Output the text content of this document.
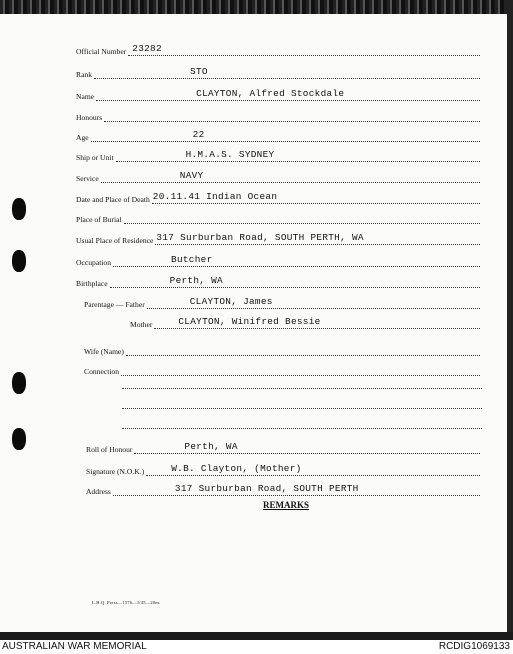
Official Number 23282
Rank	STO
Name	CLAYTON, Alfred Stockdale
Honours
Age	22
Ship or Unit	H.M.A.S. SYDNEY
Service	NAVY
Date and Place of Death 20.11.41 Indian Ocean
Place of Burial
Usual Place of Residence 317 Surburban Road, SOUTH PERTH, WA
Occupation	Butcher
Birthplace	Perth, WA
Parentage — Father	CLAYTON, James
Mother	CLAYTON, Winifred Bessie
Wife (Name)
Connection
Roll of Honour	Perth, WA
Signature (N.O.K.)	W.B. Clayton, (Mother)
Address	317 Surburban Road, SOUTH PERTH
REMARKS
L.H.Q. Press—1376—1/45—20m.
AUSTRALIAN WAR MEMORIAL	RCDIG1069133
